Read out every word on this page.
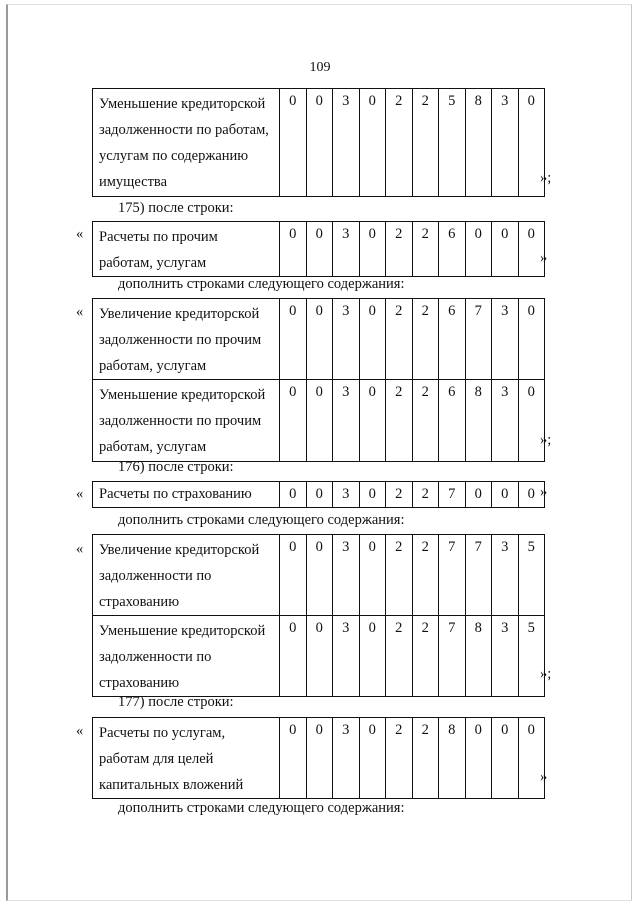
109
Уменьшение кредиторской
задолженности по работам,
услугам по содержанию
имущества	0	0	3	0	2	2	5	8	3	0
»;
175) после строки:
« Расчеты по прочим
работам, услугам	0	0	3	0	2	2	6	0	0	0
»
дополнить строками следующего содержания:
« Увеличение кредиторской
задолженности по прочим
работам, услугам	0	0	3	0	2	2	6	7	3	0
Уменьшение кредиторской
задолженности по прочим
работам, услугам	0	0	3	0	2	2	6	8	3	0
»;
176) после строки:
« Расчеты по страхованию	0	0	3	0	2	2	7	0	0	0 »
дополнить строками следующего содержания:
« Увеличение кредиторской
задолженности по
страхованию	0	0	3	0	2	2	7	7	3	5
Уменьшение кредиторской
задолженности по
страхованию	0	0	3	0	2	2	7	8	3	5
»;
177) после строки:
« Расчеты по услугам,
работам для целей
капитальных вложений	0	0	3	0	2	2	8	0	0	0
»
дополнить строками следующего содержания:
